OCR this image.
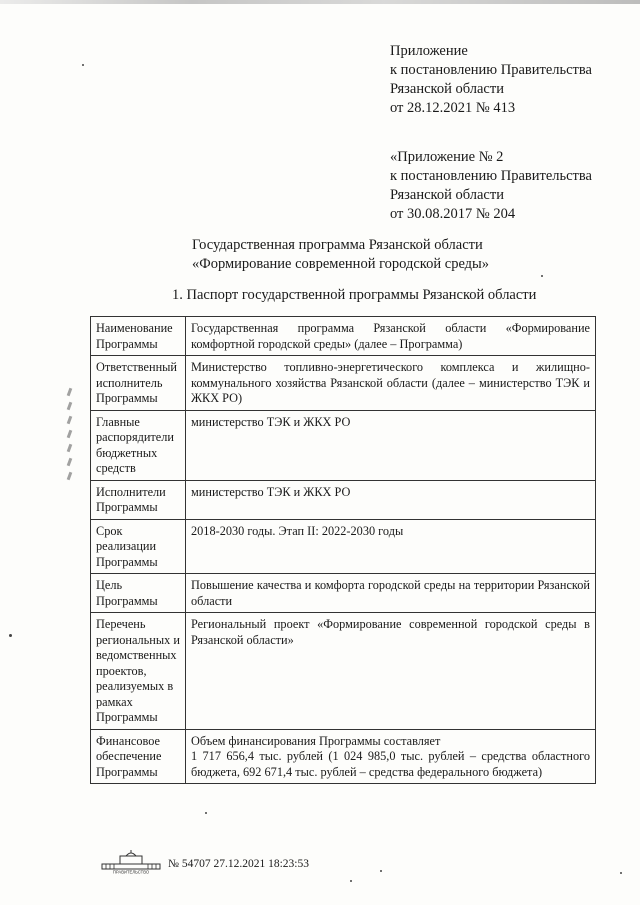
Приложение
к постановлению Правительства
Рязанской области
от 28.12.2021 № 413
«Приложение № 2
к постановлению Правительства
Рязанской области
от 30.08.2017 № 204
Государственная программа Рязанской области
«Формирование современной городской среды»
1. Паспорт государственной программы Рязанской области
Наименование Программы	Государственная программа Рязанской области «Формирование комфортной городской среды» (далее – Программа)

Ответственный исполнитель Программы	Министерство топливно-энергетического комплекса и жилищно-коммунального хозяйства Рязанской области (далее – министерство ТЭК и ЖКХ РО)

Главные распорядители бюджетных средств	министерство ТЭК и ЖКХ РО

Исполнители Программы	министерство ТЭК и ЖКХ РО

Срок реализации Программы	2018-2030 годы. Этап II: 2022-2030 годы

Цель Программы	Повышение качества и комфорта городской среды на территории Рязанской области

Перечень региональных и ведомственных проектов, реализуемых в рамках Программы	Региональный проект «Формирование современной городской среды в Рязанской области»

Финансовое обеспечение Программы	Объем финансирования Программы составляет

1 717 656,4 тыс. рублей (1 024 985,0 тыс. рублей – средства областного бюджета, 692 671,4 тыс. рублей – средства федерального бюджета)

ПРАВИТЕЛЬСТВО
№ 54707 27.12.2021 18:23:53
